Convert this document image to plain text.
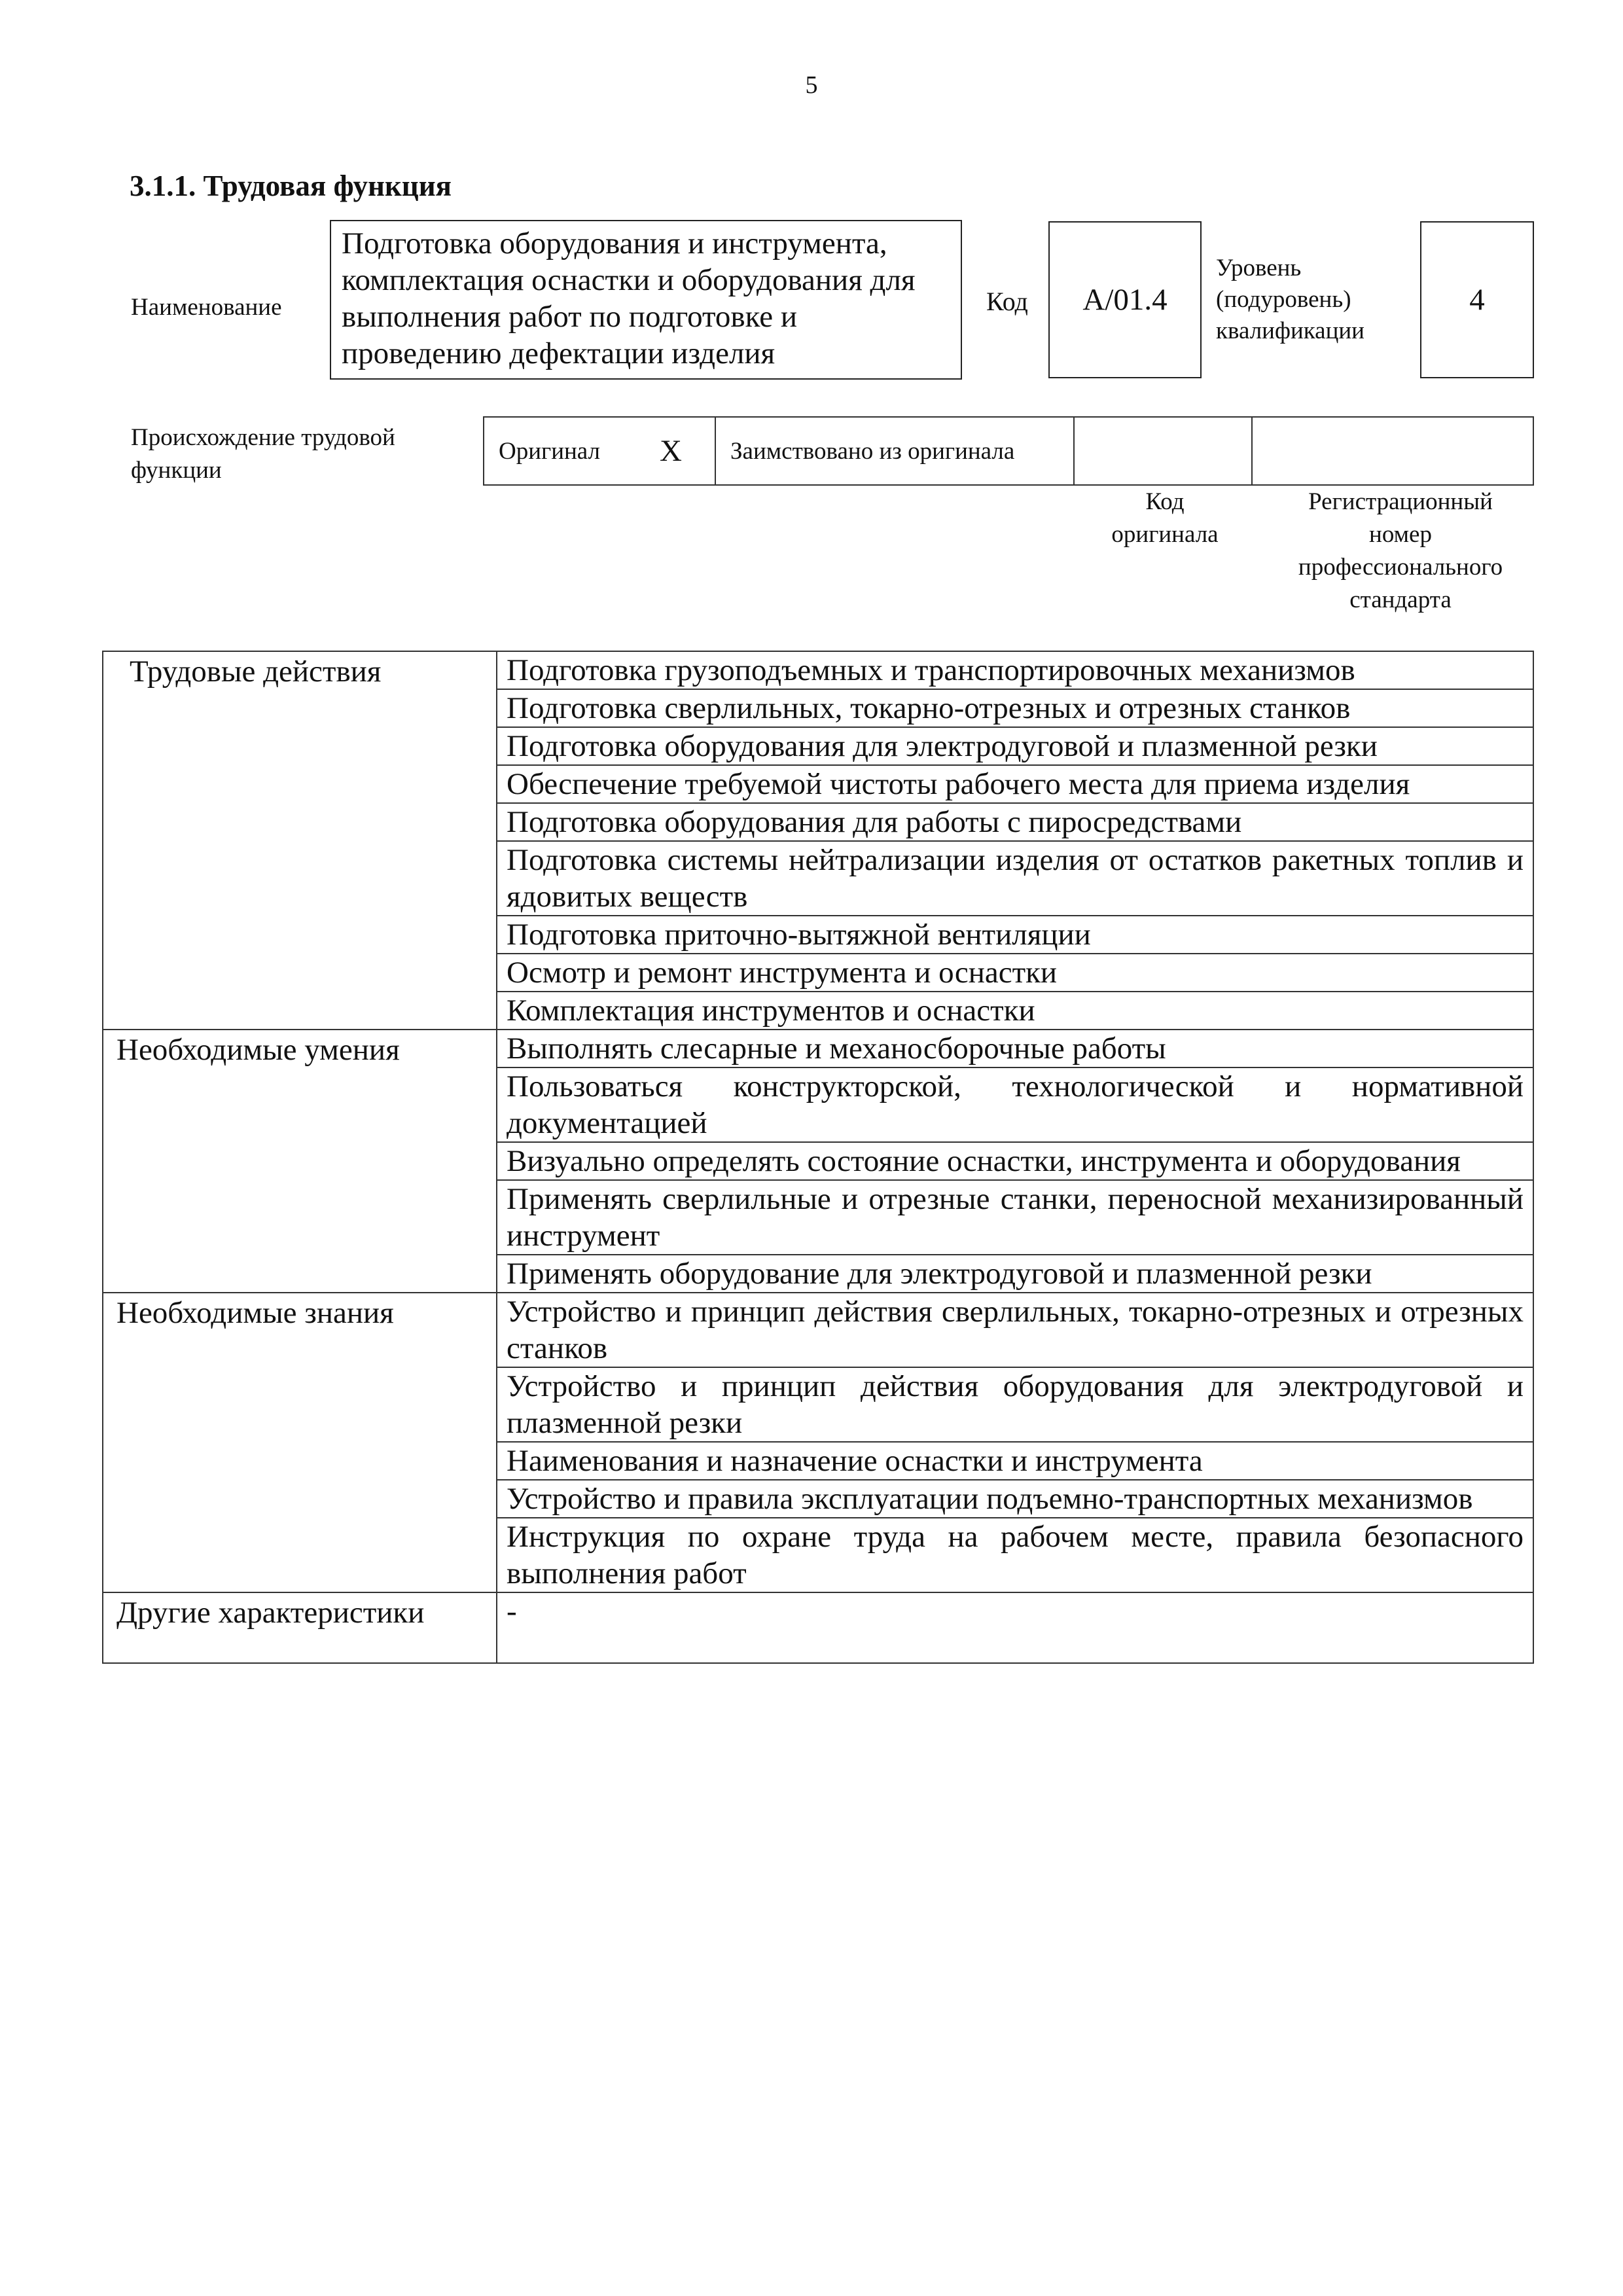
5
3.1.1. Трудовая функция
Наименование
Подготовка оборудования и инструмента, комплектация оснастки и оборудования для выполнения работ по подготовке и проведению дефектации изделия
Код	А/01.4
Уровень
(подуровень)
квалификации
4
Происхождение трудовой функции
Оригинал X	Заимствовано из оригинала
Код
оригинала
Регистрационный
номер
профессионального
стандарта
Трудовые действия	Подготовка грузоподъемных и транспортировочных механизмов
	Подготовка сверлильных, токарно-отрезных и отрезных станков
	Подготовка оборудования для электродуговой и плазменной резки
	Обеспечение требуемой чистоты рабочего места для приема изделия
	Подготовка оборудования для работы с пиросредствами
	Подготовка системы нейтрализации изделия от остатков ракетных топлив и ядовитых веществ
	Подготовка приточно-вытяжной вентиляции
	Осмотр и ремонт инструмента и оснастки
	Комплектация инструментов и оснастки
Необходимые умения	Выполнять слесарные и механосборочные работы
	Пользоваться конструкторской, технологической и нормативной документацией
	Визуально определять состояние оснастки, инструмента и оборудования
	Применять сверлильные и отрезные станки, переносной механизированный инструмент
	Применять оборудование для электродуговой и плазменной резки
Необходимые знания	Устройство и принцип действия сверлильных, токарно-отрезных и отрезных станков
	Устройство и принцип действия оборудования для электродуговой и плазменной резки
	Наименования и назначение оснастки и инструмента
	Устройство и правила эксплуатации подъемно-транспортных механизмов
	Инструкция по охране труда на рабочем месте, правила безопасного выполнения работ
Другие характеристики	-
